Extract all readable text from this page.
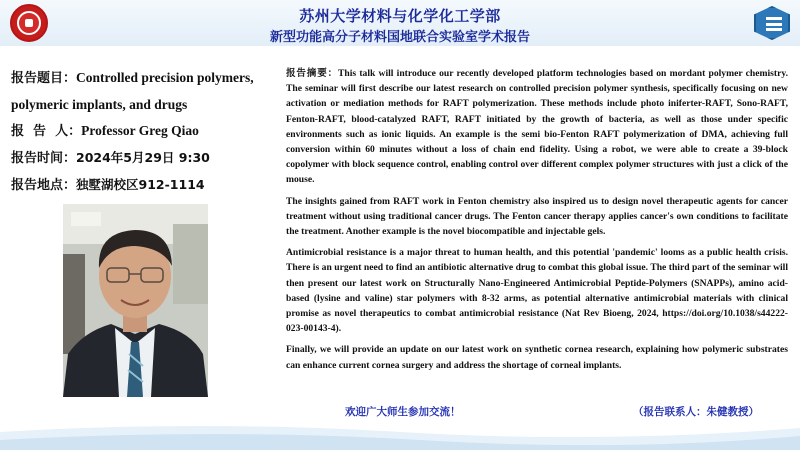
苏州大学材料与化学化工学部
新型功能高分子材料国地联合实验室学术报告
报告题目：Controlled precision polymers,
polymeric implants, and drugs
报  告  人：Professor Greg Qiao
报告时间：2024年5月29日 9:30
报告地点：独墅湖校区912-1114

报告摘要：This talk will introduce our recently developed platform technologies based on mordant polymer chemistry. The seminar will first describe our latest research on controlled precision polymer synthesis, specifically focusing on new activation or mediation methods for RAFT polymerization. These methods include photo iniferter-RAFT, Sono-RAFT, Fenton-RAFT, blood-catalyzed RAFT, RAFT initiated by the growth of bacteria, as well as those under specific environments such as ionic liquids. An example is the semi bio-Fenton RAFT polymerization of DMA, achieving full conversion within 60 minutes without a loss of chain end fidelity. Using a robot, we were able to create a 39-block copolymer with block sequence control, enabling control over different complex polymer structures with just a click of the mouse.

The insights gained from RAFT work in Fenton chemistry also inspired us to design novel therapeutic agents for cancer treatment without using traditional cancer drugs. The Fenton cancer therapy applies cancer's own conditions to facilitate the treatment. Another example is the novel biocompatible and injectable gels.

Antimicrobial resistance is a major threat to human health, and this potential 'pandemic' looms as a public health crisis. There is an urgent need to find an antibiotic alternative drug to combat this global issue. The third part of the seminar will then present our latest work on Structurally Nano-Engineered Antimicrobial Peptide-Polymers (SNAPPs), amino acid-based (lysine and valine) star polymers with 8-32 arms, as potential alternative antimicrobial materials with clinical promise as novel therapeutics to combat antimicrobial resistance (Nat Rev Bioeng, 2024, https://doi.org/10.1038/s44222-023-00143-4).

Finally, we will provide an update on our latest work on synthetic cornea research, explaining how polymeric substrates can enhance current cornea surgery and address the shortage of corneal implants.

欢迎广大师生参加交流！	（报告联系人：朱健教授）
